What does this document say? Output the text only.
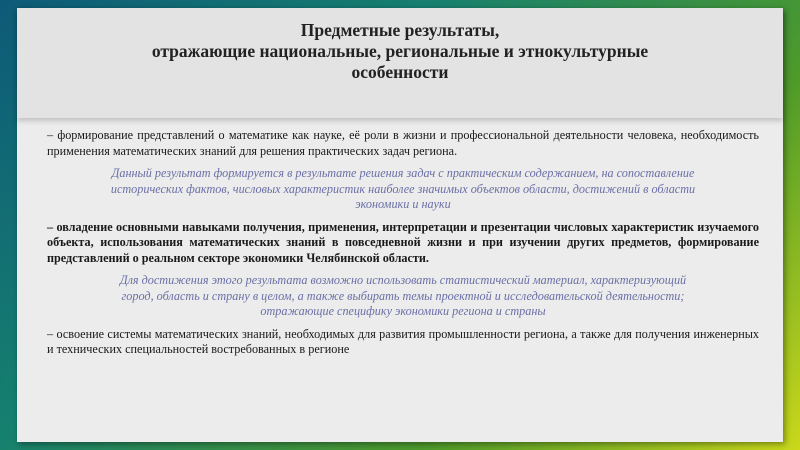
Предметные результаты,
отражающие национальные, региональные и этнокультурные
особенности

– формирование представлений о математике как науке, её роли в жизни и профессиональной деятельности человека, необходимость применения математических знаний для решения практических задач региона.

Данный результат формируется в результате решения задач с практическим содержанием, на сопоставление
исторических фактов, числовых характеристик наиболее значимых объектов области, достижений в области
экономики и науки

– овладение основными навыками получения, применения, интерпретации и презентации числовых характеристик изучаемого объекта, использования математических знаний в повседневной жизни и при изучении других предметов, формирование представлений о реальном секторе экономики Челябинской области.

Для достижения этого результата возможно использовать статистический материал, характеризующий
город, область и страну в целом, а также выбирать темы проектной и исследовательской деятельности;
отражающие специфику экономики региона и страны

– освоение системы математических знаний, необходимых для развития промышленности региона, а также для получения инженерных и технических специальностей востребованных в регионе
